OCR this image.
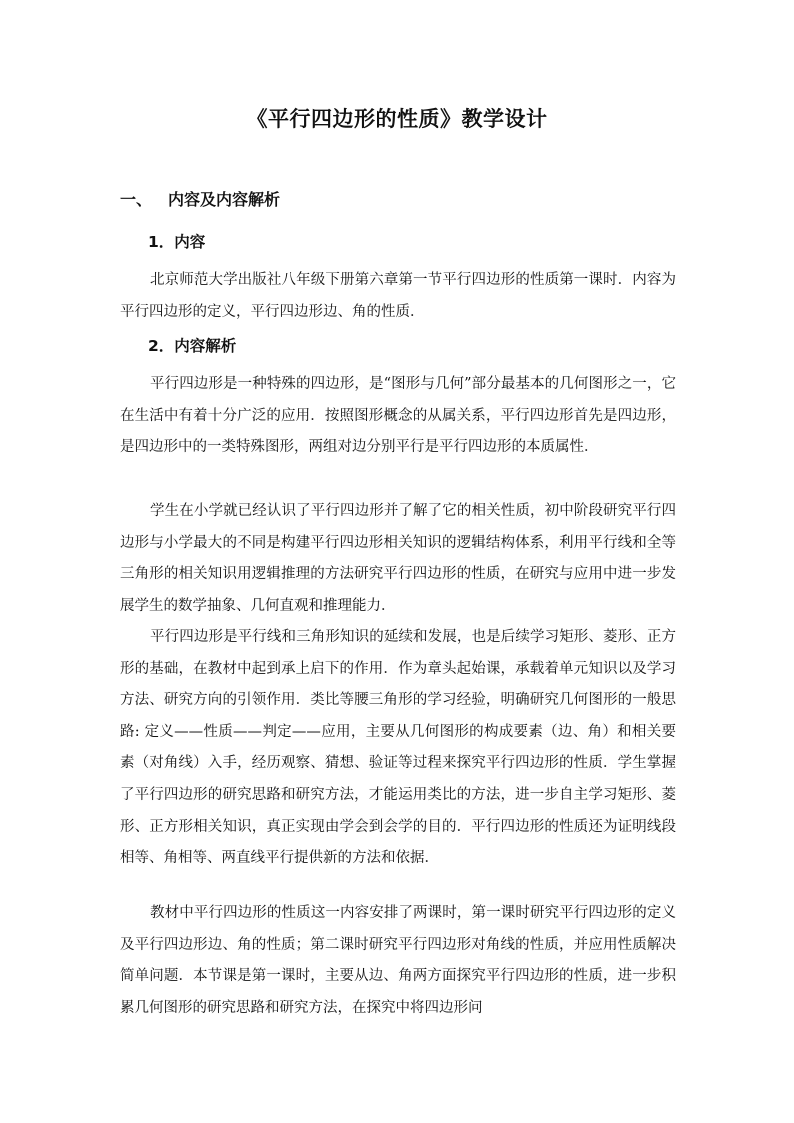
《平行四边形的性质》教学设计
一、 内容及内容解析
1．内容

北京师范大学出版社八年级下册第六章第一节平行四边形的性质第一课时．内容为平行四边形的定义，平行四边形边、角的性质．

2．内容解析

平行四边形是一种特殊的四边形，是“图形与几何”部分最基本的几何图形之一，它在生活中有着十分广泛的应用．按照图形概念的从属关系，平行四边形首先是四边形，是四边形中的一类特殊图形，两组对边分别平行是平行四边形的本质属性．

学生在小学就已经认识了平行四边形并了解了它的相关性质，初中阶段研究平行四边形与小学最大的不同是构建平行四边形相关知识的逻辑结构体系，利用平行线和全等三角形的相关知识用逻辑推理的方法研究平行四边形的性质，在研究与应用中进一步发展学生的数学抽象、几何直观和推理能力．

平行四边形是平行线和三角形知识的延续和发展，也是后续学习矩形、菱形、正方形的基础，在教材中起到承上启下的作用．作为章头起始课，承载着单元知识以及学习方法、研究方向的引领作用．类比等腰三角形的学习经验，明确研究几何图形的一般思路: 定义——性质——判定——应用，主要从几何图形的构成要素（边、角）和相关要素（对角线）入手，经历观察、猜想、验证等过程来探究平行四边形的性质．学生掌握了平行四边形的研究思路和研究方法，才能运用类比的方法，进一步自主学习矩形、菱形、正方形相关知识，真正实现由学会到会学的目的．平行四边形的性质还为证明线段相等、角相等、两直线平行提供新的方法和依据．

教材中平行四边形的性质这一内容安排了两课时，第一课时研究平行四边形的定义及平行四边形边、角的性质；第二课时研究平行四边形对角线的性质，并应用性质解决简单问题．本节课是第一课时，主要从边、角两方面探究平行四边形的性质，进一步积累几何图形的研究思路和研究方法，在探究中将四边形问
